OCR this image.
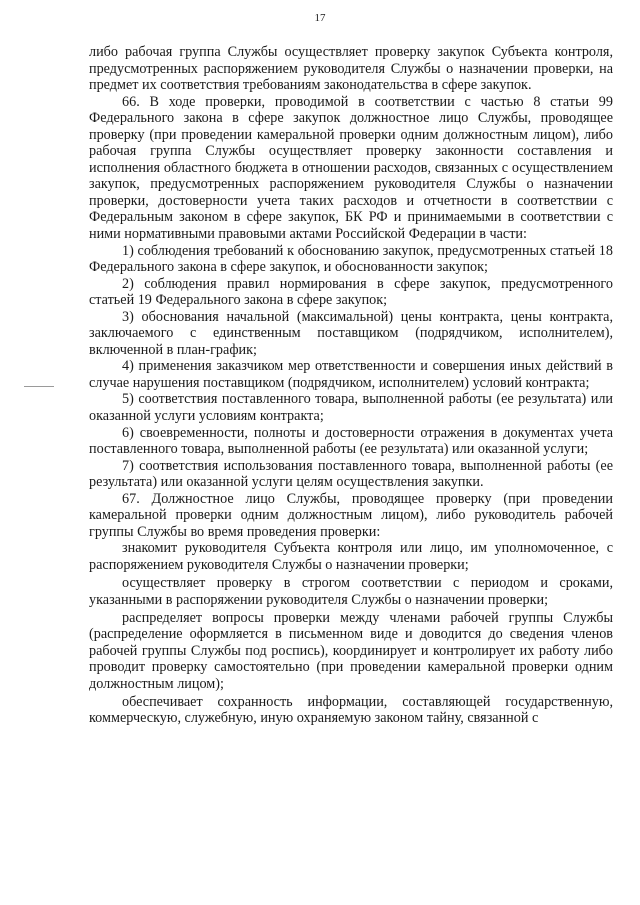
17

либо рабочая группа Службы осуществляет проверку закупок Субъекта контроля, предусмотренных распоряжением руководителя Службы о назначении проверки, на предмет их соответствия требованиям законодательства в сфере закупок.

66. В ходе проверки, проводимой в соответствии с частью 8 статьи 99 Федерального закона в сфере закупок должностное лицо Службы, проводящее проверку (при проведении камеральной проверки одним должностным лицом), либо рабочая группа Службы осуществляет проверку законности составления и исполнения областного бюджета в отношении расходов, связанных с осуществлением закупок, предусмотренных распоряжением руководителя Службы о назначении проверки, достоверности учета таких расходов и отчетности в соответствии с Федеральным законом в сфере закупок, БК РФ и принимаемыми в соответствии с ними нормативными правовыми актами Российской Федерации в части:

1) соблюдения требований к обоснованию закупок, предусмотренных статьей 18 Федерального закона в сфере закупок, и обоснованности закупок;

2) соблюдения правил нормирования в сфере закупок, предусмотренного статьей 19 Федерального закона в сфере закупок;

3) обоснования начальной (максимальной) цены контракта, цены контракта, заключаемого с единственным поставщиком (подрядчиком, исполнителем), включенной в план-график;

4) применения заказчиком мер ответственности и совершения иных действий в случае нарушения поставщиком (подрядчиком, исполнителем) условий контракта;

5) соответствия поставленного товара, выполненной работы (ее результата) или оказанной услуги условиям контракта;

6) своевременности, полноты и достоверности отражения в документах учета поставленного товара, выполненной работы (ее результата) или оказанной услуги;

7) соответствия использования поставленного товара, выполненной работы (ее результата) или оказанной услуги целям осуществления закупки.

67. Должностное лицо Службы, проводящее проверку (при проведении камеральной проверки одним должностным лицом), либо руководитель рабочей группы Службы во время проведения проверки:

знакомит руководителя Субъекта контроля или лицо, им уполномоченное, с распоряжением руководителя Службы о назначении проверки;

осуществляет проверку в строгом соответствии с периодом и сроками, указанными в распоряжении руководителя Службы о назначении проверки;

распределяет вопросы проверки между членами рабочей группы Службы (распределение оформляется в письменном виде и доводится до сведения членов рабочей группы Службы под роспись), координирует и контролирует их работу либо проводит проверку самостоятельно (при проведении камеральной проверки одним должностным лицом);

обеспечивает сохранность информации, составляющей государственную, коммерческую, служебную, иную охраняемую законом тайну, связанной с
